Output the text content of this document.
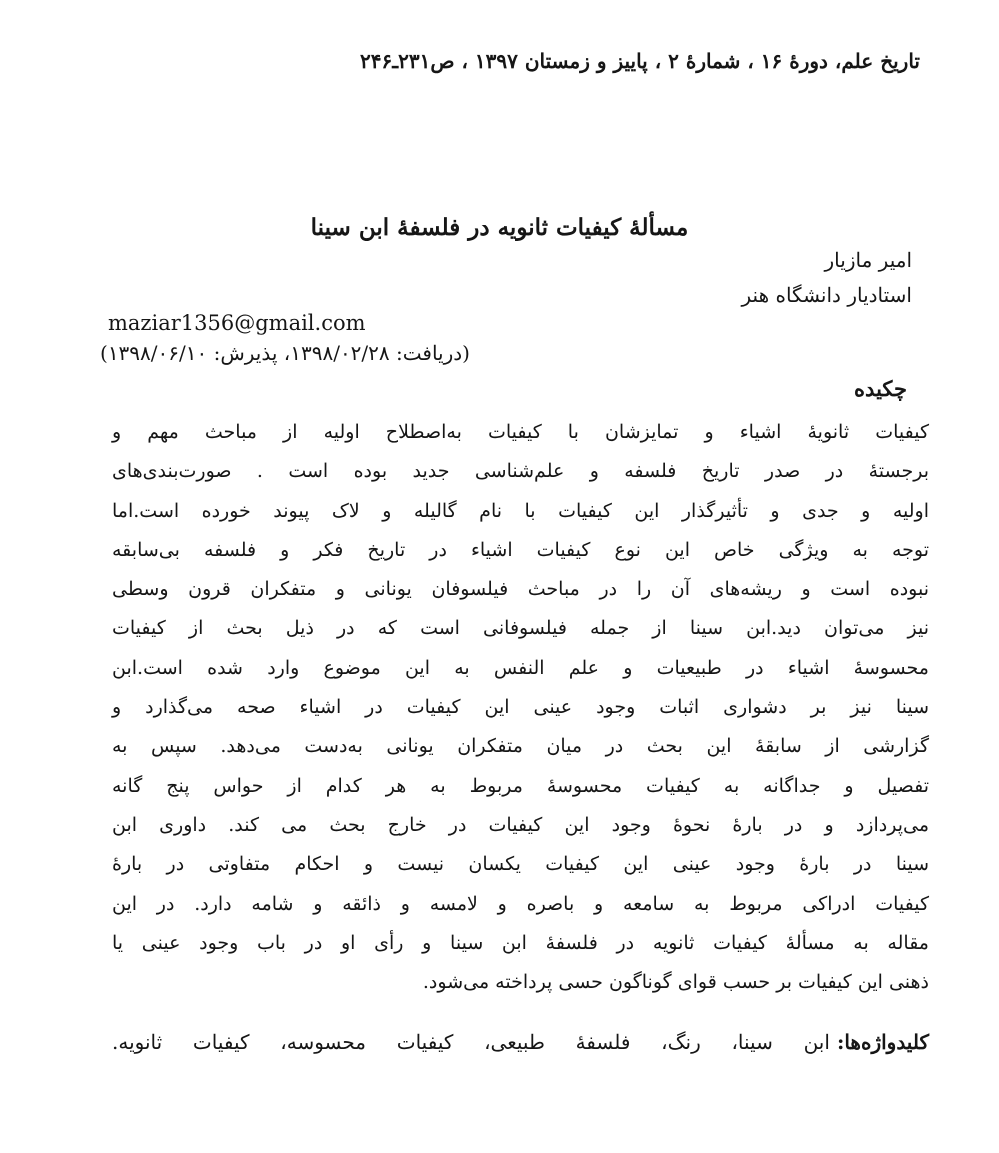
تاریخ علم، دورهٔ ۱۶ ، شمارهٔ ۲ ، پاییز و زمستان ۱۳۹۷ ، ص۲۳۱ـ۲۴۶
مسألهٔ کیفیات ثانویه در فلسفهٔ ابن سینا
امیر مازیار
استادیار دانشگاه هنر
maziar1356@gmail.com
(دریافت: ۱۳۹۸/۰۲/۲۸، پذیرش: ۱۳۹۸/۰۶/۱۰)
چکیده
کیفیات ثانویهٔ اشیاء و تمایزشان با کیفیات به‌اصطلاح اولیه از مباحث مهم و
برجستهٔ در صدر تاریخ فلسفه و علم‌شناسی جدید بوده است . صورت‌بندی‌های
اولیه و جدی و تأثیرگذار این کیفیات با نام گالیله و لاک پیوند خورده است.اما
توجه به ویژگی خاص این نوع کیفیات اشیاء در تاریخ فکر و فلسفه بی‌سابقه
نبوده است و ریشه‌های آن را در مباحث فیلسوفان یونانی و متفکران قرون وسطی
نیز می‌توان دید.ابن سینا از جمله فیلسوفانی است که در ذیل بحث از کیفیات
محسوسهٔ اشیاء در طبیعیات و علم النفس به این موضوع وارد شده است.ابن
سینا نیز بر دشواری اثبات وجود عینی این کیفیات در اشیاء صحه می‌گذارد و
گزارشی از سابقهٔ این بحث در میان متفکران یونانی به‌دست می‌دهد. سپس به
تفصیل و جداگانه به کیفیات محسوسهٔ مربوط به هر کدام از حواس پنج گانه
می‌پردازد و در بارهٔ نحوهٔ وجود این کیفیات در خارج بحث می کند. داوری ابن
سینا در بارهٔ وجود عینی این کیفیات یکسان نیست و احکام متفاوتی در بارهٔ
کیفیات ادراکی مربوط به سامعه و باصره و لامسه و ذائقه و شامه دارد. در این
مقاله به مسألهٔ کیفیات ثانویه در فلسفهٔ ابن سینا و رأی او در باب وجود عینی یا
ذهنی این کیفیات بر حسب قوای گوناگون حسی پرداخته می‌شود.
کلیدواژه‌ها:ابن سینا، رنگ، فلسفهٔ طبیعی، کیفیات محسوسه، کیفیات ثانویه.
